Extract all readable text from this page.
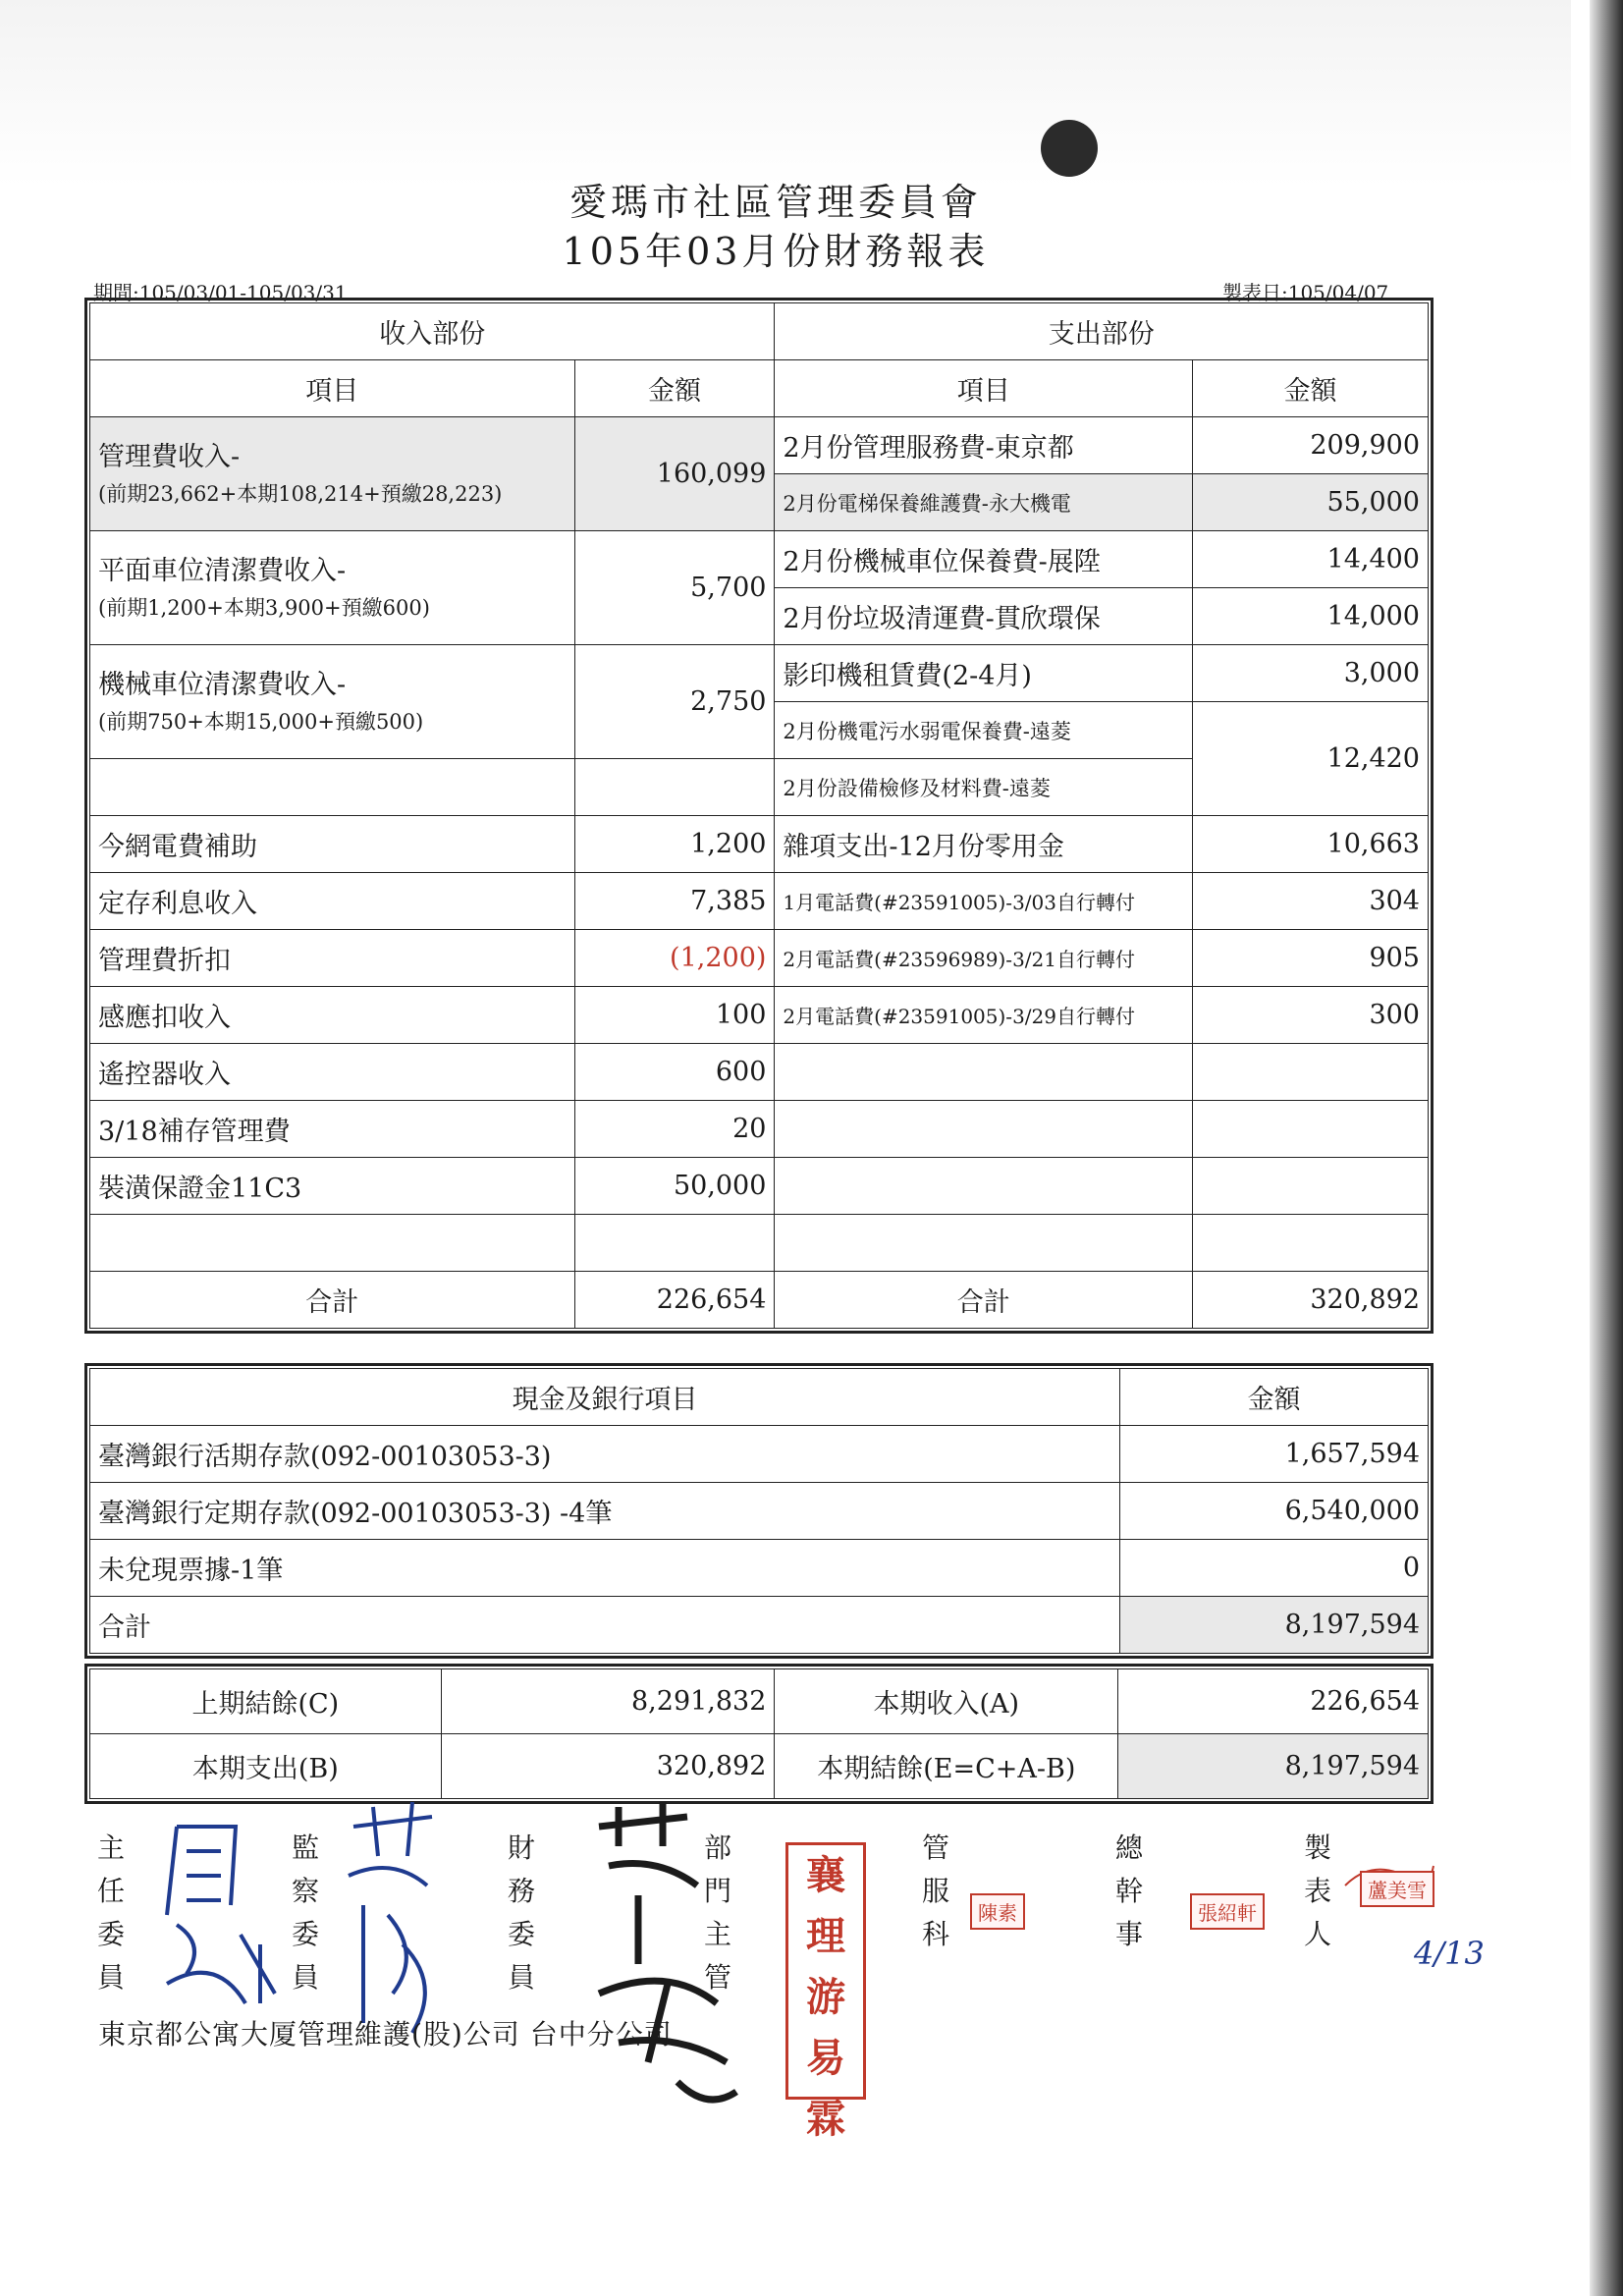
愛瑪市社區管理委員會
105年03月份財務報表
期間:105/03/01-105/03/31	製表日:105/04/07
收入部份		支出部份	
項目	金額	項目	金額

管理費收入-
(前期23,662+本期108,214+預繳28,223)	160,099	2月份管理服務費-東京都	209,900
		2月份電梯保養維護費-永大機電	55,000

平面車位清潔費收入-
(前期1,200+本期3,900+預繳600)	5,700	2月份機械車位保養費-展陞	14,400
		2月份垃圾清運費-貫欣環保	14,000

機械車位清潔費收入-
(前期750+本期15,000+預繳500)	2,750	影印機租賃費(2-4月)	3,000
		2月份機電污水弱電保養費-遠菱	12,420
		2月份設備檢修及材料費-遠菱	
今網電費補助	1,200	雜項支出-12月份零用金	10,663
定存利息收入	7,385	1月電話費(#23591005)-3/03自行轉付	304
管理費折扣	(1,200)	2月電話費(#23596989)-3/21自行轉付	905
感應扣收入	100	2月電話費(#23591005)-3/29自行轉付	300
遙控器收入	600		
3/18補存管理費	20		
裝潢保證金11C3	50,000		

合計	226,654	合計	320,892
現金及銀行項目	金額
臺灣銀行活期存款(092-00103053-3)	1,657,594
臺灣銀行定期存款(092-00103053-3) -4筆	6,540,000
未兌現票據-1筆	0
合計	8,197,594
上期結餘(C)	8,291,832	本期收入(A)	226,654
本期支出(B)	320,892	本期結餘(E=C+A-B)	8,197,594
主任委員
監察委員
財務委員
部門主管
管服科
總幹事
製表人
襄理游易霖
陳素	張紹軒
蘆美雪
4/13
東京都公寓大厦管理維護(股)公司 台中分公司
